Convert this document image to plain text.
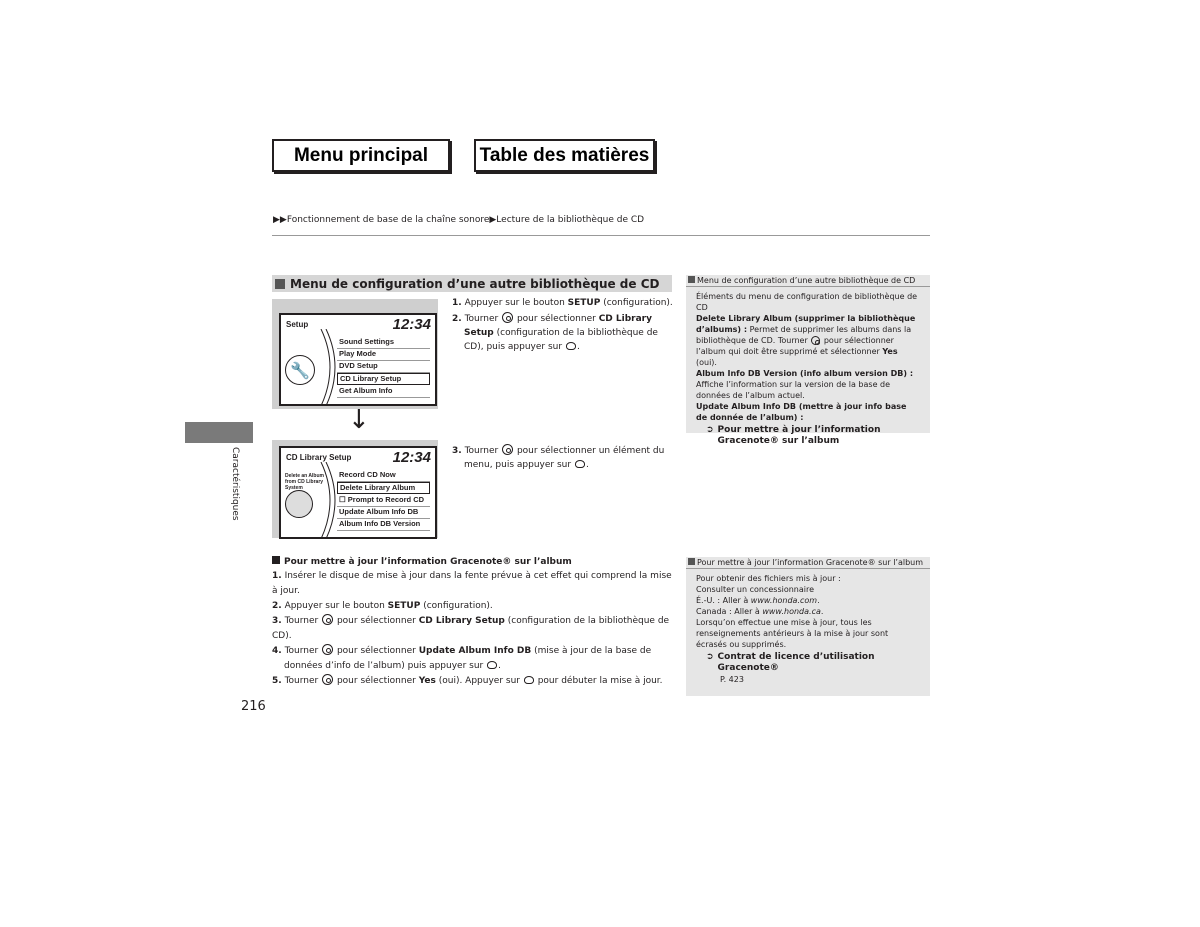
Menu principal	Table des matières
▶▶Fonctionnement de base de la chaîne sonore▶Lecture de la bibliothèque de CD
Caractéristiques
Menu de configuration d’une autre bibliothèque de CD
Setup	12:34
🔧
Sound Settings
Play Mode
DVD Setup
CD Library Setup
Get Album Info
↓
CD Library Setup	12:34
Delete an Album from CD Library System
Record CD Now
Delete Library Album
☐ Prompt to Record CD
Update Album Info DB
Album Info DB Version
1. Appuyer sur le bouton SETUP (configuration).
2. Tourner  pour sélectionner CD Library Setup (configuration de la bibliothèque de CD), puis appuyer sur .
3. Tourner  pour sélectionner un élément du menu, puis appuyer sur .
Menu de configuration d’une autre bibliothèque de CD
Éléments du menu de configuration de bibliothèque de CD
Delete Library Album (supprimer la bibliothèque d’albums) : Permet de supprimer les albums dans la bibliothèque de CD. Tourner  pour sélectionner l’album qui doit être supprimé et sélectionner Yes (oui).
Album Info DB Version (info album version DB) :
Affiche l’information sur la version de la base de données de l’album actuel.
Update Album Info DB (mettre à jour info base de donnée de l’album) :
➲ Pour mettre à jour l’information Gracenote® sur l’album
Pour mettre à jour l’information Gracenote® sur l’album
1. Insérer le disque de mise à jour dans la fente prévue à cet effet qui comprend la mise à jour.
2. Appuyer sur le bouton SETUP (configuration).
3. Tourner  pour sélectionner CD Library Setup (configuration de la bibliothèque de CD).
4. Tourner  pour sélectionner Update Album Info DB (mise à jour de la base de données d’info de l’album) puis appuyer sur .
5. Tourner  pour sélectionner Yes (oui). Appuyer sur  pour débuter la mise à jour.
Pour mettre à jour l’information Gracenote® sur l’album
Pour obtenir des fichiers mis à jour :
Consulter un concessionnaire
É.-U. : Aller à www.honda.com.
Canada : Aller à www.honda.ca.
Lorsqu’on effectue une mise à jour, tous les renseignements antérieurs à la mise à jour sont écrasés ou supprimés.
➲ Contrat de licence d’utilisation Gracenote®
P. 423
216
